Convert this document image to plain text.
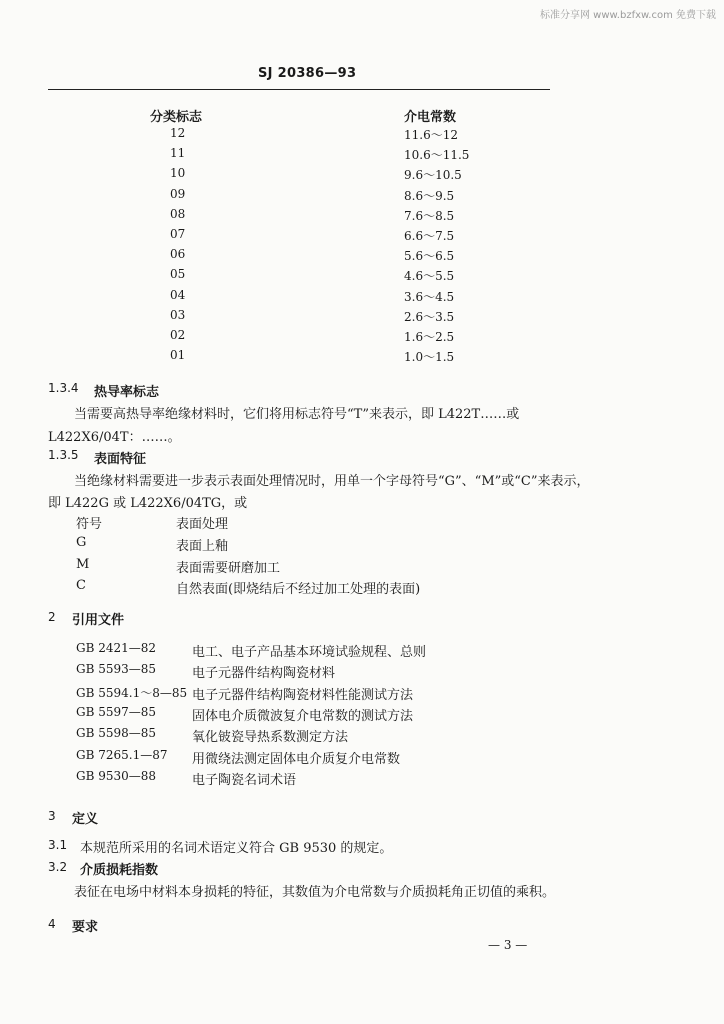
标准分享网 www.bzfxw.com 免费下载
SJ 20386—93
分类标志	介电常数
12	11.6～12
11	10.6～11.5
10	9.6～10.5
09	8.6～9.5
08	7.6～8.5
07	6.6～7.5
06	5.6～6.5
05	4.6～5.5
04	3.6～4.5
03	2.6～3.5
02	1.6～2.5
01	1.0～1.5
1.3.4 热导率标志
当需要高热导率绝缘材料时，它们将用标志符号“T”来表示，即 L422T……或
L422X6/04T：……。
1.3.5 表面特征
当绝缘材料需要进一步表示表面处理情况时，用单一个字母符号“G”、“M”或“C”来表示，
即 L422G 或 L422X6/04TG，或
符号	表面处理
G	表面上釉
M	表面需要研磨加工
C	自然表面(即烧结后不经过加工处理的表面)
2 引用文件
GB 2421—82	电工、电子产品基本环境试验规程、总则
GB 5593—85	电子元器件结构陶瓷材料
GB 5594.1～8—85 电子元器件结构陶瓷材料性能测试方法
GB 5597—85	固体电介质微波复介电常数的测试方法
GB 5598—85	氧化铍瓷导热系数测定方法
GB 7265.1—87 用微绕法测定固体电介质复介电常数
GB 9530—88	电子陶瓷名词术语
3 定义
3.1 本规范所采用的名词术语定义符合 GB 9530 的规定。
3.2 介质损耗指数
表征在电场中材料本身损耗的特征，其数值为介电常数与介质损耗角正切值的乘积。
4 要求
— 3 —
